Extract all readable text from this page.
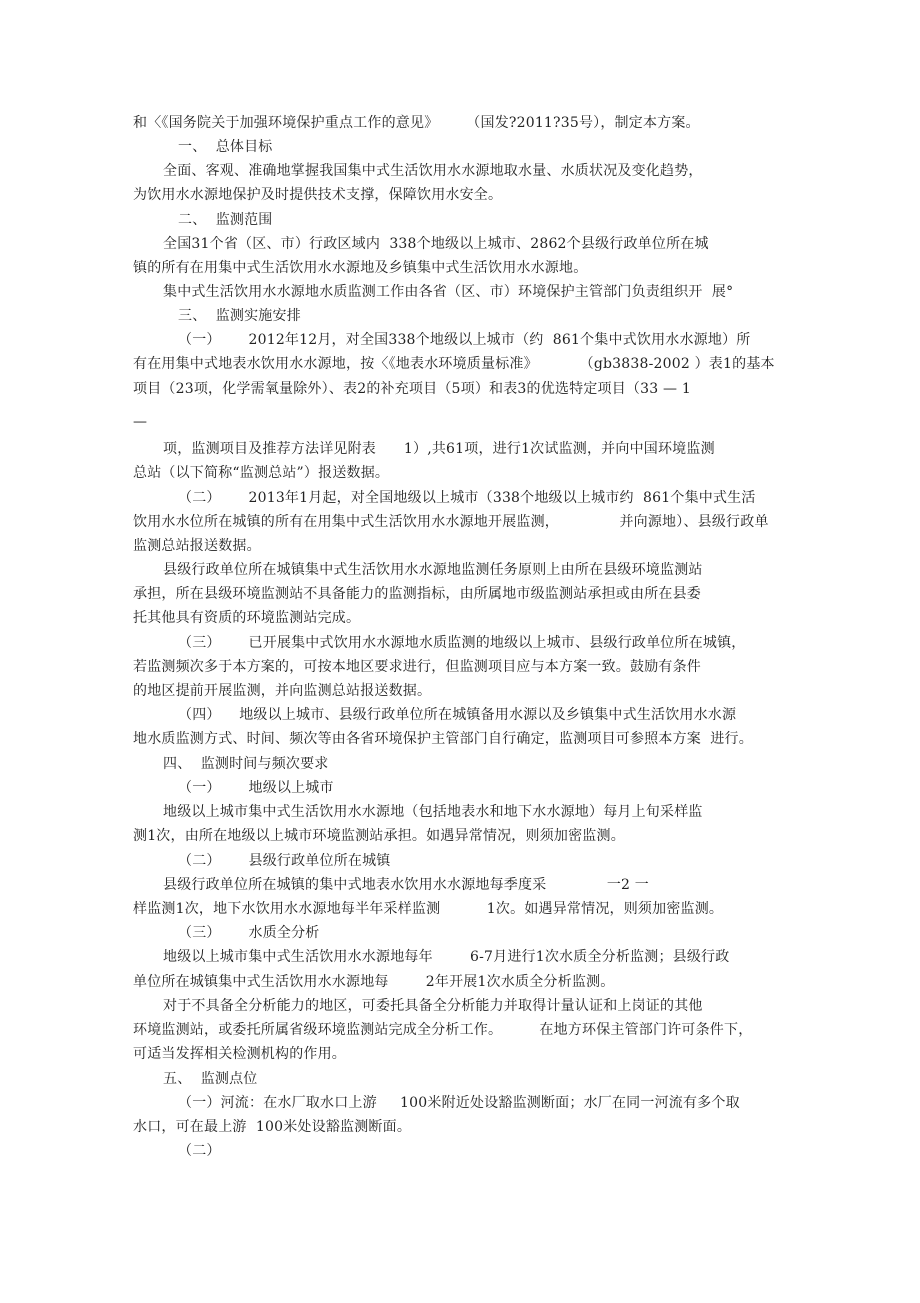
和〈《国务院关于加强环境保护重点工作的意见》      （国发?2011?35号），制定本方案。
一、  总体目标
全面、客观、准确地掌握我国集中式生活饮用水水源地取水量、水质状况及变化趋势，
为饮用水水源地保护及时提供技术支撑，保障饮用水安全。
二、  监测范围
全国31个省（区、市）行政区域内  338个地级以上城市、2862个县级行政单位所在城
镇的所有在用集中式生活饮用水水源地及乡镇集中式生活饮用水水源地。
集中式生活饮用水水源地水质监测工作由各省（区、市）环境保护主管部门负责组织开  展°
三、  监测实施安排
（一）      2012年12月，对全国338个地级以上城市（约  861个集中式饮用水水源地）所
有在用集中式地表水饮用水水源地，按〈《地表水环境质量标准》         （gb3838-2002 ）表1的基本
项目（23项，化学需氧量除外）、表2的补充项目（5项）和表3的优选特定项目（33 — 1
—
项，监测项目及推荐方法详见附表      1）,共61项，进行1次试监测，并向中国环境监测
总站（以下简称“监测总站”）报送数据。
（二）      2013年1月起，对全国地级以上城市（338个地级以上城市约  861个集中式生活
饮用水水位所在城镇的所有在用集中式生活饮用水水源地开展监测，             并向源地）、县级行政单
监测总站报送数据。
县级行政单位所在城镇集中式生活饮用水水源地监测任务原则上由所在县级环境监测站
承担，所在县级环境监测站不具备能力的监测指标，由所属地市级监测站承担或由所在县委
托其他具有资质的环境监测站完成。
（三）      已开展集中式饮用水水源地水质监测的地级以上城市、县级行政单位所在城镇，
若监测频次多于本方案的，可按本地区要求进行，但监测项目应与本方案一致。鼓励有条件
的地区提前开展监测，并向监测总站报送数据。
（四）    地级以上城市、县级行政单位所在城镇备用水源以及乡镇集中式生活饮用水水源
地水质监测方式、时间、频次等由各省环境保护主管部门自行确定，监测项目可参照本方案  进行。
四、  监测时间与频次要求
（一）      地级以上城市
地级以上城市集中式生活饮用水水源地（包括地表水和地下水水源地）每月上旬采样监
测1次，由所在地级以上城市环境监测站承担。如遇异常情况，则须加密监测。
（二）      县级行政单位所在城镇
县级行政单位所在城镇的集中式地表水饮用水水源地每季度采             一2 一
样监测1次，地下水饮用水水源地每半年采样监测          1次。如遇异常情况，则须加密监测。
（三）      水质全分析
地级以上城市集中式生活饮用水水源地每年        6-7月进行1次水质全分析监测；县级行政
单位所在城镇集中式生活饮用水水源地每        2年开展1次水质全分析监测。
对于不具备全分析能力的地区，可委托具备全分析能力并取得计量认证和上岗证的其他
环境监测站，或委托所属省级环境监测站完成全分析工作。        在地方环保主管部门许可条件下，
可适当发挥相关检测机构的作用。
五、  监测点位
（一）河流：在水厂取水口上游     100米附近处设豁监测断面；水厂在同一河流有多个取
水口，可在最上游  100米处设豁监测断面。
（二）
